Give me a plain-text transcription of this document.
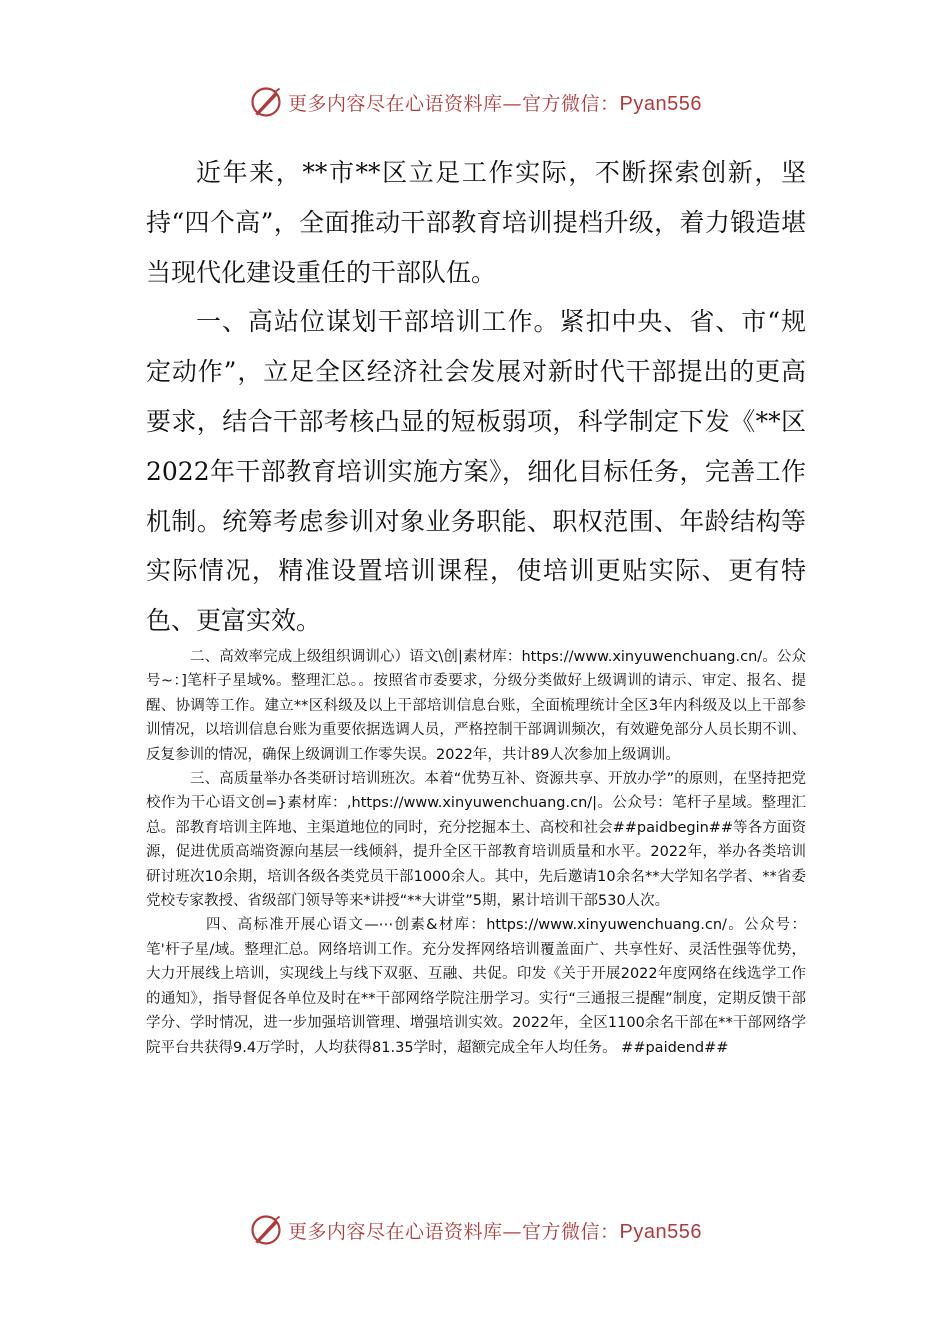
更多内容尽在心语资料库—官方微信：Pyan556

近年来，**市**区立足工作实际，不断探索创新，坚持“四个高”，全面推动干部教育培训提档升级，着力锻造堪当现代化建设重任的干部队伍。

一、高站位谋划干部培训工作。紧扣中央、省、市“规定动作”，立足全区经济社会发展对新时代干部提出的更高要求，结合干部考核凸显的短板弱项，科学制定下发《**区2022年干部教育培训实施方案》，细化目标任务，完善工作机制。统筹考虑参训对象业务职能、职权范围、年龄结构等实际情况，精准设置培训课程，使培训更贴实际、更有特色、更富实效。

二、高效率完成上级组织调训心）语文\创|素材库：https://www.xinyuwenchuang.cn/。公众号~：]笔杆子星域%。整理汇总。。按照省市委要求，分级分类做好上级调训的请示、审定、报名、提醒、协调等工作。建立**区科级及以上干部培训信息台账，全面梳理统计全区3年内科级及以上干部参训情况，以培训信息台账为重要依据选调人员，严格控制干部调训频次，有效避免部分人员长期不训、反复参训的情况，确保上级调训工作零失误。2022年，共计89人次参加上级调训。

三、高质量举办各类研讨培训班次。本着“优势互补、资源共享、开放办学”的原则，在坚持把党校作为干心语文创=}素材库：,https://www.xinyuwenchuang.cn/|。公众号：笔杆子星域。整理汇总。部教育培训主阵地、主渠道地位的同时，充分挖掘本土、高校和社会##paidbegin##等各方面资源，促进优质高端资源向基层一线倾斜，提升全区干部教育培训质量和水平。2022年，举办各类培训研讨班次10余期，培训各级各类党员干部1000余人。其中，先后邀请10余名**大学知名学者、**省委党校专家教授、省级部门领导等来*讲授“**大讲堂”5期，累计培训干部530人次。

四、高标准开展心语文—⋯创素&材库：https://www.xinyuwenchuang.cn/。公众号：笔'杆子星/域。整理汇总。网络培训工作。充分发挥网络培训覆盖面广、共享性好、灵活性强等优势，大力开展线上培训，实现线上与线下双驱、互融、共促。印发《关于开展2022年度网络在线选学工作的通知》，指导督促各单位及时在**干部网络学院注册学习。实行“三通报三提醒”制度，定期反馈干部学分、学时情况，进一步加强培训管理、增强培训实效。2022年，全区1100余名干部在**干部网络学院平台共获得9.4万学时，人均获得81.35学时，超额完成全年人均任务。 ##paidend##

更多内容尽在心语资料库—官方微信：Pyan556
